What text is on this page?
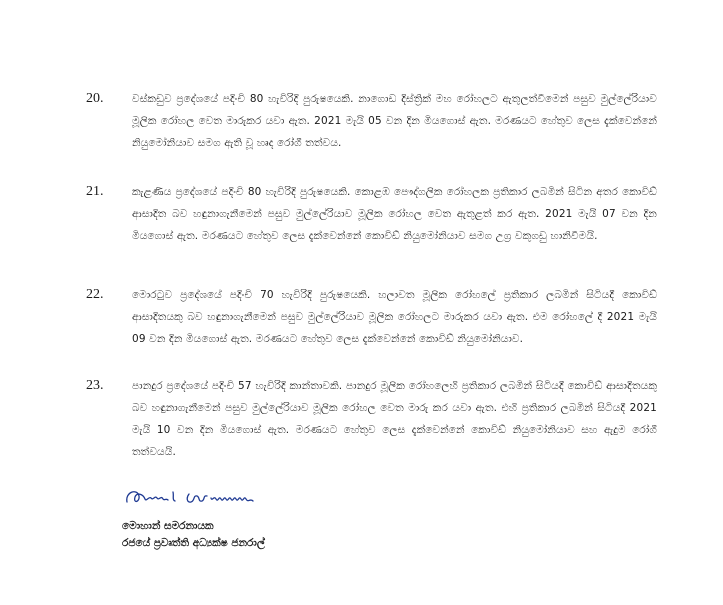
20.	වස්කඩුව ප්‍රදේශයේ පදිංචි 80 හැවිරිදි පුරුෂයෙකි. නාගොඩ දිස්ත්‍රික් මහ රෝහලට ඇතුලත්වීමෙන් පසුව මුල්ලේරියාව මූලික රෝහල වෙත මාරුකර යවා ඇත. 2021 මැයි 05 වන දින මියගොස් ඇත. මරණයට හේතුව ලෙස දැක්වෙන්නේ නියුමෝනියාව සමග ඇති වූ හෘද රෝගී තත්වය.
21.	කැළණිය ප්‍රදේශයේ පදිංචි 80 හැවිරිදි පුරුෂයෙකි. කොළඹ පෞද්ගලික රෝහලක ප්‍රතිකාර ලබමින් සිටින අතර කොවිඩ් ආසාදිත බව හඳුනාගැනීමෙන් පසුව මුල්ලේරියාව මූලික රෝහල වෙත ඇතුළත් කර ඇත. 2021 මැයි 07 වන දින මියගොස් ඇත. මරණයට හේතුව ලෙස දැක්වෙන්නේ කොවිඩ් නියුමෝනියාව සමග උග්‍ර වකුගඩු හානිවීමයි.
22.	මොරටුව ප්‍රදේශයේ පදිංචි 70 හැවිරිදි පුරුෂයෙකි. හලාවත මූලික රෝහලේ ප්‍රතිකාර ලබමින් සිටියදී කොවිඩ් ආසාදිතයකු බව හඳුනාගැනීමෙන් පසුව මුල්ලේරියාව මූලික රෝහලට මාරුකර යවා ඇත. එම රෝහලේ දී 2021 මැයි 09 වන දින මියගොස් ඇත. මරණයට හේතුව ලෙස දැක්වෙන්නේ කොවිඩ් නියුමෝනියාව.
23.	පානදුර ප්‍රදේශයේ පදිංචි 57 හැවිරිදි කාන්තාවකි. පානදුර මූලික රෝහලෙහි ප්‍රතිකාර ලබමින් සිටියදී කොවිඩ් ආසාදිතයකු බව හඳුනාගැනීමෙන් පසුව මුල්ලේරියාව මූලික රෝහල වෙත මාරු කර යවා ඇත. එහි ප්‍රතිකාර ලබමින් සිටියදී 2021 මැයි 10 වන දින මියගොස් ඇත. මරණයට හේතුව ලෙස දැක්වෙන්නේ කොවිඩ් නියුමෝනියාව සහ ඇදුම රෝගී තත්වයයි.
මොහාන් සමරනායක
රජයේ ප්‍රවෘත්ති අධ්‍යක්ෂ ජනරාල්
